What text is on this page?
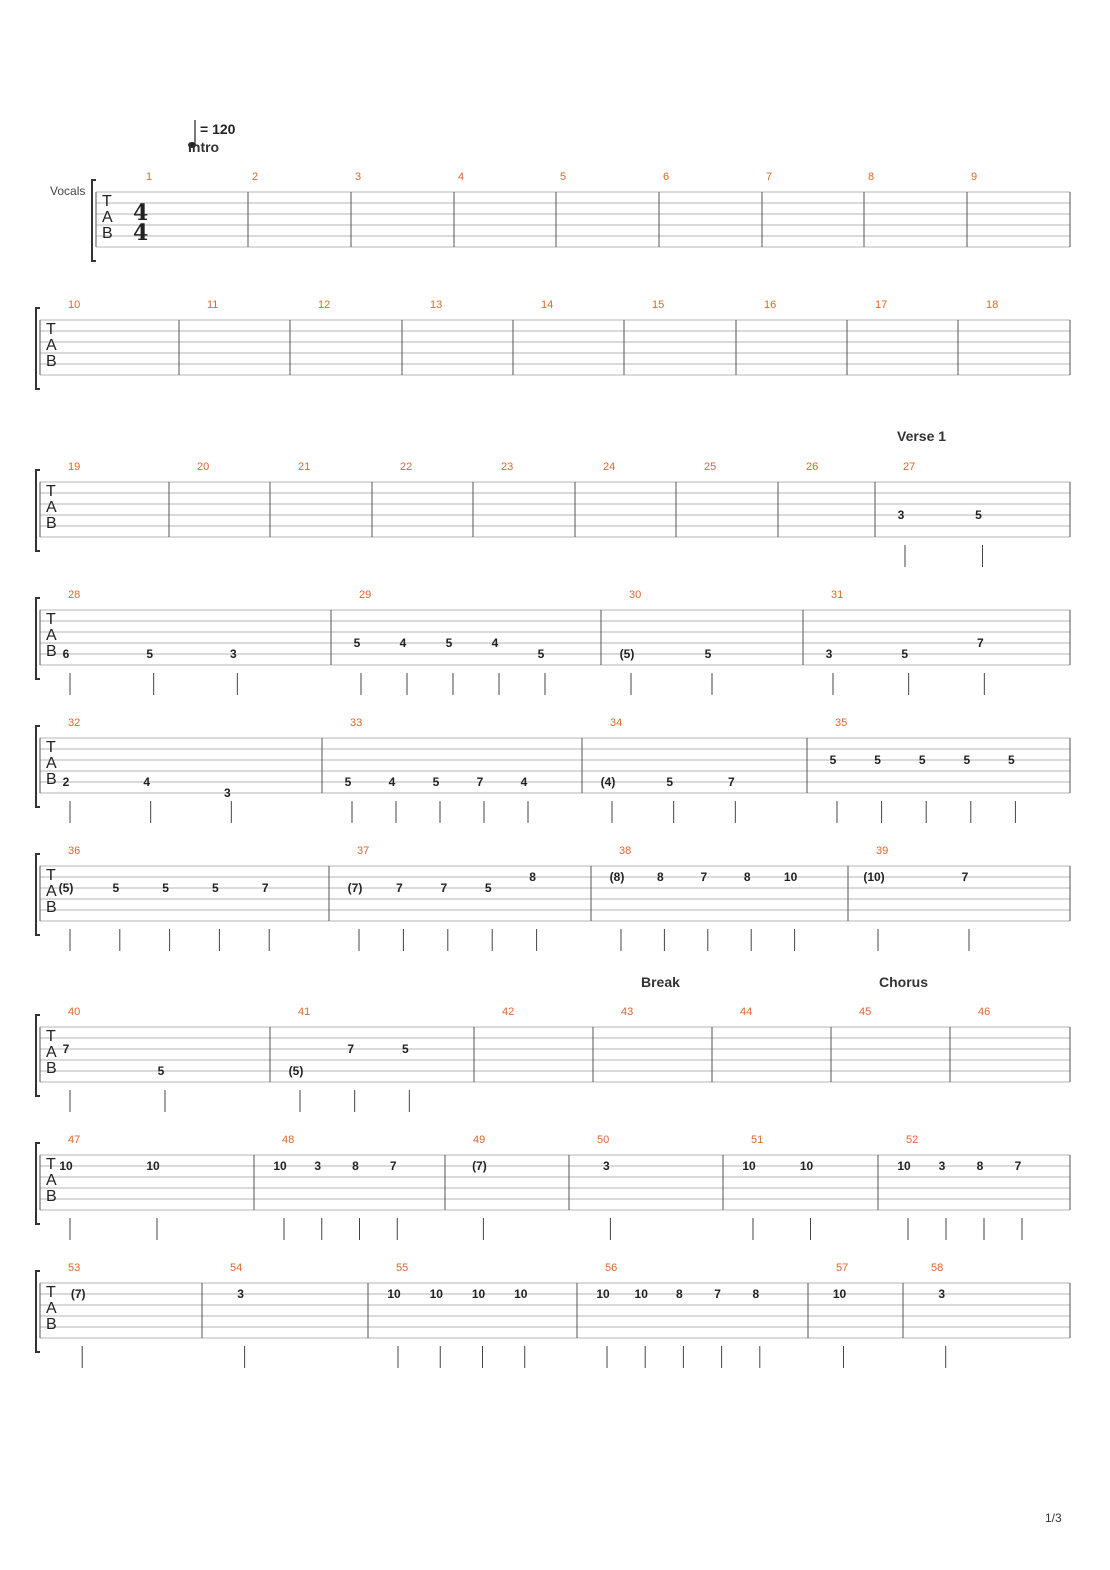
= 120
Intro
Verse 1
Break	Chorus
Vocals
T
A
B
4
4
1	2	3	4	5	6	7	8	9
T
A
B
10	11	12	13	14	15	16	17	18
T
A
B
19	20	21	22	23	24	25	26	27
3	5
T
A
B
28
6	5	3
29
5	4	5	4
5
30
(5)	5
31
3	5
7
T
A
B
32
2	4
3
33
5	4	5	7	4
34
(4)	5	7
35
5	5	5	5	5
T
A
B
36
(5)	5	5	5	7
37
(7)	7	7	5
8
38
(8)	8	7	8	10
39
(10)	7
T
A
B
40
7
5
41
(5)
7	5
42	43	44	45	46
T
A
B
47
10	10
48
10 3	8	7
49
(7)
50
3
51
10	10
52
10 3	8	7
T
A
B
53
(7)
54
3
55
10 10 10 10
56
10 10 8	7	8
57
10
58
3
1/3
